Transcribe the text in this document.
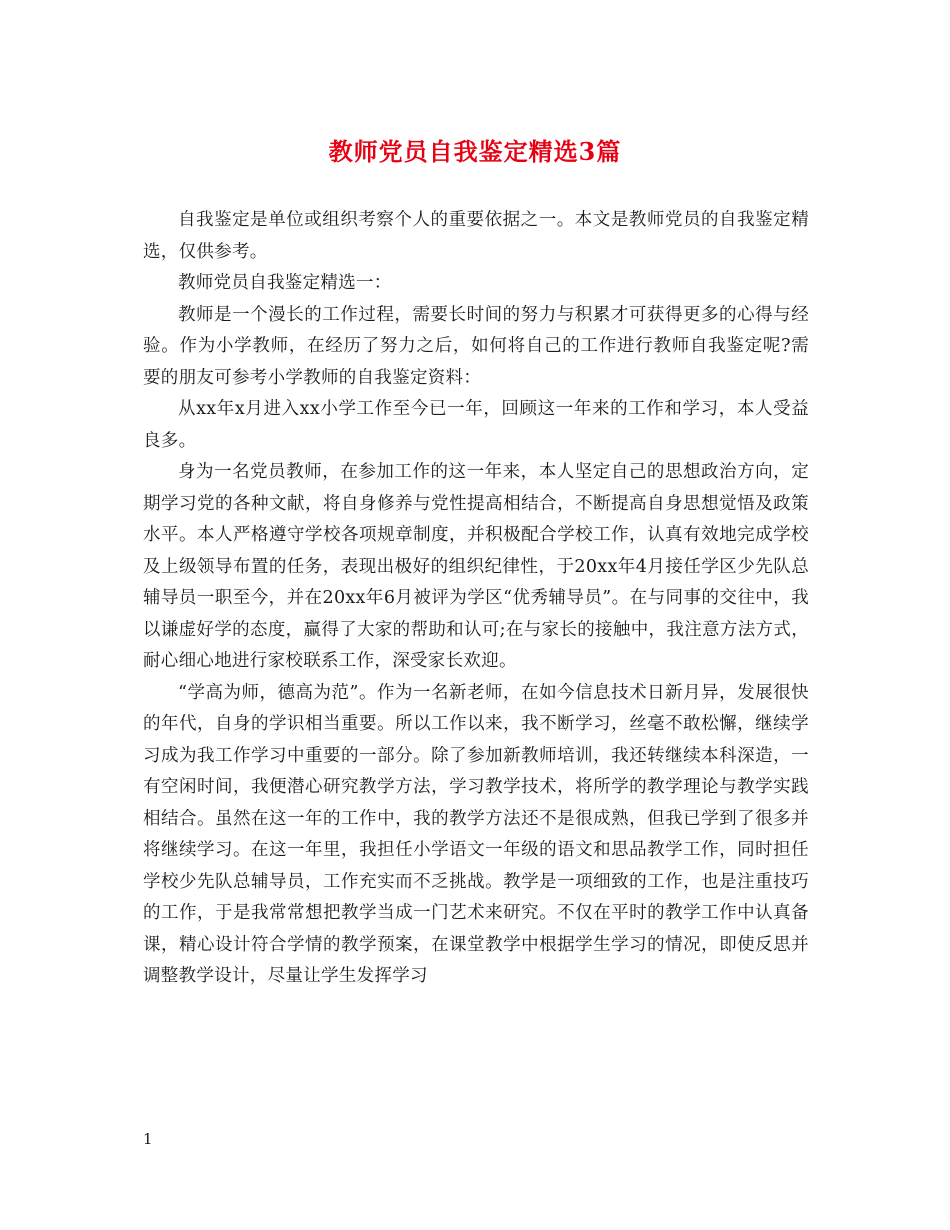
教师党员自我鉴定精选3篇

自我鉴定是单位或组织考察个人的重要依据之一。本文是教师党员的自我鉴定精选，仅供参考。

教师党员自我鉴定精选一：

教师是一个漫长的工作过程，需要长时间的努力与积累才可获得更多的心得与经验。作为小学教师，在经历了努力之后，如何将自己的工作进行教师自我鉴定呢?需要的朋友可参考小学教师的自我鉴定资料：

从xx年x月进入xx小学工作至今已一年，回顾这一年来的工作和学习，本人受益良多。

身为一名党员教师，在参加工作的这一年来，本人坚定自己的思想政治方向，定期学习党的各种文献，将自身修养与党性提高相结合，不断提高自身思想觉悟及政策水平。本人严格遵守学校各项规章制度，并积极配合学校工作，认真有效地完成学校及上级领导布置的任务，表现出极好的组织纪律性，于20xx年4月接任学区少先队总辅导员一职至今，并在20xx年6月被评为学区“优秀辅导员”。在与同事的交往中，我以谦虚好学的态度，赢得了大家的帮助和认可;在与家长的接触中，我注意方法方式，耐心细心地进行家校联系工作，深受家长欢迎。

“学高为师，德高为范”。作为一名新老师，在如今信息技术日新月异，发展很快的年代，自身的学识相当重要。所以工作以来，我不断学习，丝毫不敢松懈，继续学习成为我工作学习中重要的一部分。除了参加新教师培训，我还转继续本科深造，一有空闲时间，我便潜心研究教学方法，学习教学技术，将所学的教学理论与教学实践相结合。虽然在这一年的工作中，我的教学方法还不是很成熟，但我已学到了很多并将继续学习。在这一年里，我担任小学语文一年级的语文和思品教学工作，同时担任学校少先队总辅导员，工作充实而不乏挑战。教学是一项细致的工作，也是注重技巧的工作，于是我常常想把教学当成一门艺术来研究。不仅在平时的教学工作中认真备课，精心设计符合学情的教学预案，在课堂教学中根据学生学习的情况，即使反思并调整教学设计，尽量让学生发挥学习

1
